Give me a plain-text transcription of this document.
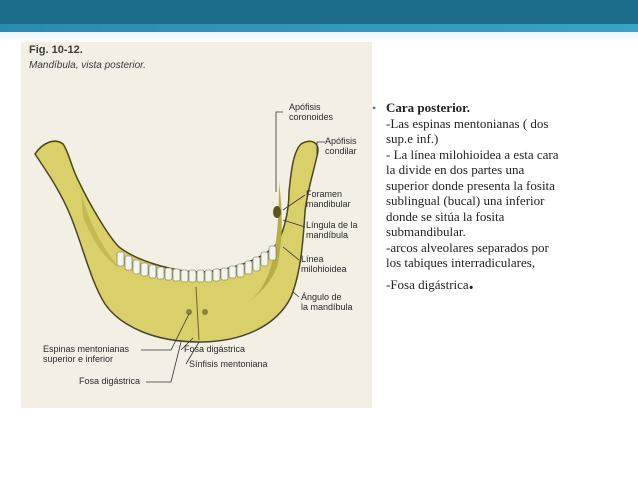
Fig. 10-12.
Mandíbula, vista posterior.
Apófisis
coronoides
Apófisis
condilar
Foramen
mandibular
Língula de la
mandíbula
Línea
milohioidea
Ángulo de
la mandíbula
Espinas mentonianas
superior e inferior
Fosa digástrica
Sínfisis mentoniana
Fosa digástrica
• Cara posterior.
-Las espinas mentonianas ( dos
sup.e inf.)
- La línea milohioidea a esta cara
la divide en dos partes una
superior donde presenta la fosita
sublingual (bucal) una inferior
donde se sitúa la fosita
submandibular.
-arcos alveolares separados por
los tabiques interradiculares,
-Fosa digástrica.
